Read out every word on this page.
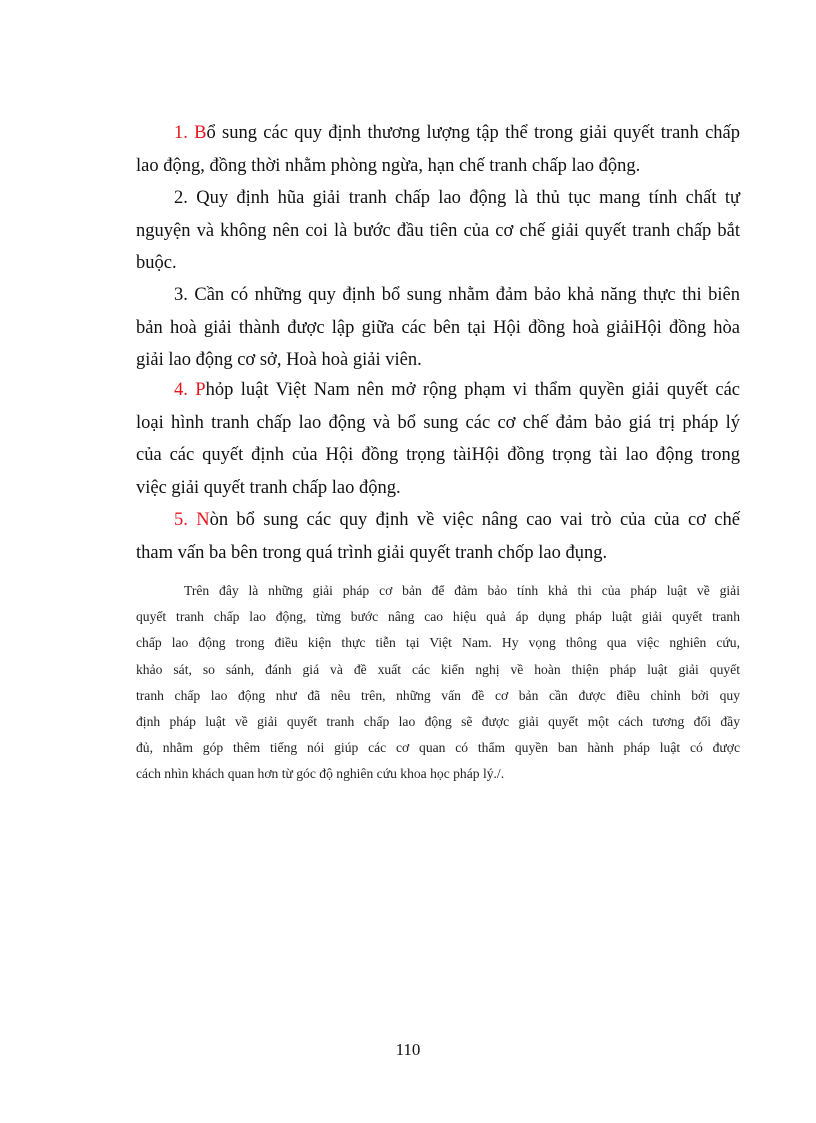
1. Bổ sung các quy định thương lượng tập thể trong giải quyết tranh chấp
lao động, đồng thời nhằm phòng ngừa, hạn chế tranh chấp lao động.
2. Quy định hũa giải tranh chấp lao động là thủ tục mang tính chất tự
nguyện và không nên coi là bước đầu tiên của cơ chế giải quyết tranh chấp bắt
buộc.
3. Cần có những quy định bổ sung nhằm đảm bảo khả năng thực thi biên
bản hoà giải thành được lập giữa các bên tại Hội đồng hoà giảiHội đồng hòa
giải lao động cơ sở, Hoà hoà giải viên.
4. Phỏp luật Việt Nam nên mở rộng phạm vi thẩm quyền giải quyết các
loại hình tranh chấp lao động và bổ sung các cơ chế đảm bảo giá trị pháp lý
của các quyết định của Hội đồng trọng tàiHội đồng trọng tài lao động trong
việc giải quyết tranh chấp lao động.
5. Nòn bổ sung các quy định về việc nâng cao vai trò của của cơ chế
tham vấn ba bên trong quá trình giải quyết tranh chốp lao đụng.
Trên đây là những giải pháp cơ bản để đảm bảo tính khả thi của pháp luật về giải
quyết tranh chấp lao động, từng bước nâng cao hiệu quả áp dụng pháp luật giải quyết tranh
chấp lao động trong điều kiện thực tiễn tại Việt Nam. Hy vọng thông qua việc nghiên cứu,
khảo sát, so sánh, đánh giá và đề xuất các kiến nghị về hoàn thiện pháp luật giải quyết
tranh chấp lao động như đã nêu trên, những vấn đề cơ bản cần được điều chỉnh bởi quy
định pháp luật về giải quyết tranh chấp lao động sẽ được giải quyết một cách tương đối đầy
đủ, nhằm góp thêm tiếng nói giúp các cơ quan có thẩm quyền ban hành pháp luật có được
cách nhìn khách quan hơn từ góc độ nghiên cứu khoa học pháp lý./.
110
